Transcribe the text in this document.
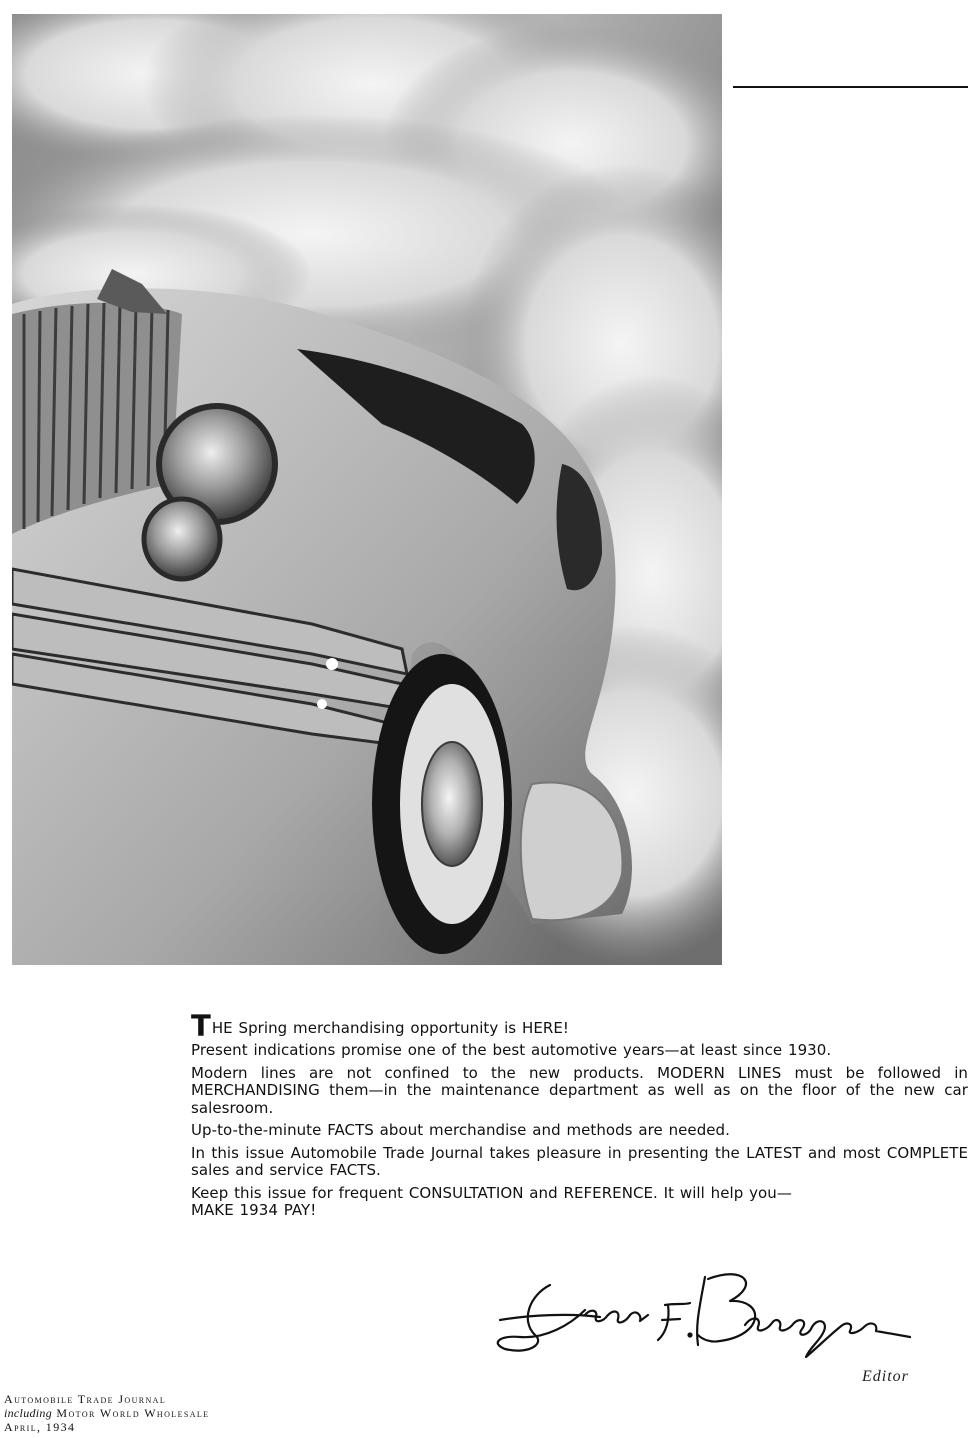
T HE Spring merchandising opportunity is HERE!

Present indications promise one of the best automotive years—at least since 1930.

Modern lines are not confined to the new products. MODERN LINES must be followed in MERCHANDISING them—in the maintenance department as well as on the floor of the new car salesroom.

Up-to-the-minute FACTS about merchandise and methods are needed.

In this issue Automobile Trade Journal takes pleasure in presenting the LATEST and most COMPLETE sales and service FACTS.

Keep this issue for frequent CONSULTATION and REFERENCE. It will help you—
MAKE 1934 PAY!

Editor
Automobile Trade Journal
including Motor World Wholesale
April, 1934
